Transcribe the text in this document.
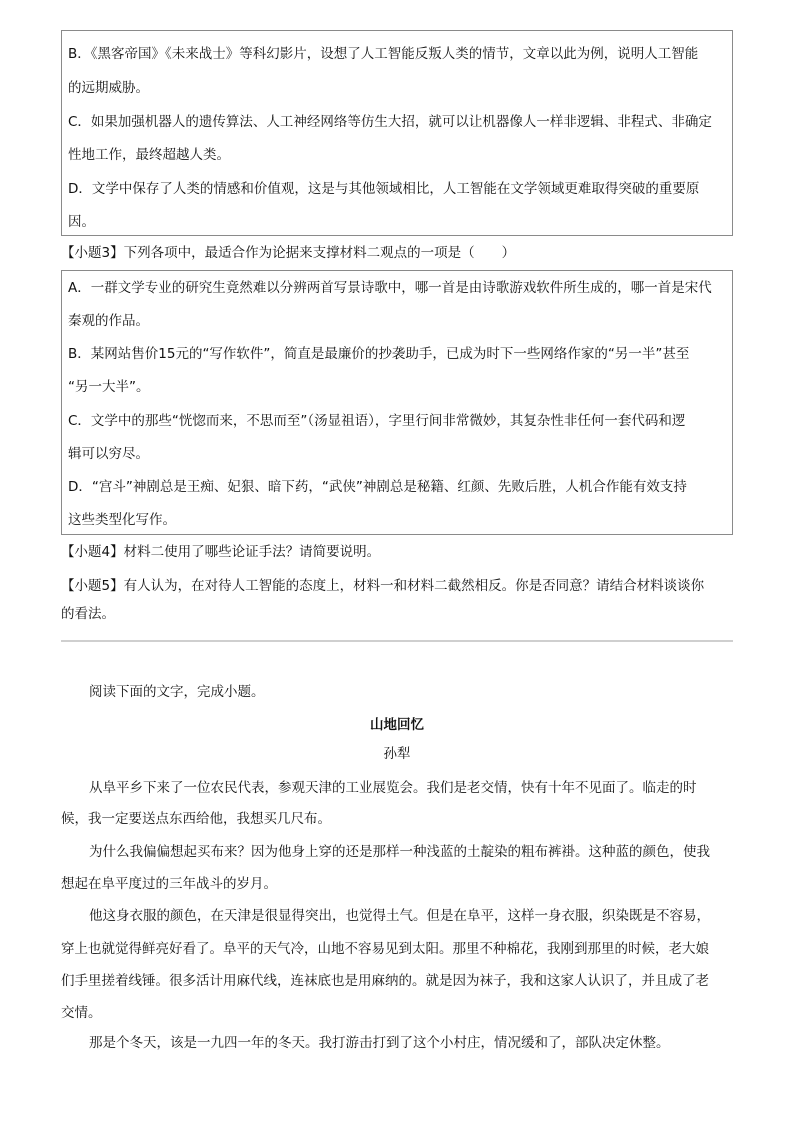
B．《黑客帝国》《未来战士》等科幻影片，设想了人工智能反叛人类的情节，文章以此为例，说明人工智能
的远期威胁。
C．如果加强机器人的遗传算法、人工神经网络等仿生大招，就可以让机器像人一样非逻辑、非程式、非确定
性地工作，最终超越人类。
D．文学中保存了人类的情感和价值观，这是与其他领域相比，人工智能在文学领域更难取得突破的重要原
因。
【小题3】下列各项中，最适合作为论据来支撑材料二观点的一项是（　　）
A．一群文学专业的研究生竟然难以分辨两首写景诗歌中，哪一首是由诗歌游戏软件所生成的，哪一首是宋代
秦观的作品。
B．某网站售价15元的“写作软件”，简直是最廉价的抄袭助手，已成为时下一些网络作家的“另一半”甚至
“另一大半”。
C．文学中的那些“恍惚而来，不思而至”（汤显祖语），字里行间非常微妙，其复杂性非任何一套代码和逻
辑可以穷尽。
D．“宫斗”神剧总是王痴、妃狠、暗下药，“武侠”神剧总是秘籍、红颜、先败后胜，人机合作能有效支持
这些类型化写作。
【小题4】材料二使用了哪些论证手法？请简要说明。
【小题5】有人认为，在对待人工智能的态度上，材料一和材料二截然相反。你是否同意？请结合材料谈谈你
的看法。
阅读下面的文字，完成小题。
山地回忆
孙犁
从阜平乡下来了一位农民代表，参观天津的工业展览会。我们是老交情，快有十年不见面了。临走的时
候，我一定要送点东西给他，我想买几尺布。
为什么我偏偏想起买布来？因为他身上穿的还是那样一种浅蓝的土靛染的粗布裤褂。这种蓝的颜色，使我
想起在阜平度过的三年战斗的岁月。
他这身衣服的颜色，在天津是很显得突出，也觉得土气。但是在阜平，这样一身衣服，织染既是不容易，
穿上也就觉得鲜亮好看了。阜平的天气冷，山地不容易见到太阳。那里不种棉花，我刚到那里的时候，老大娘
们手里搓着线锤。很多活计用麻代线，连袜底也是用麻纳的。就是因为袜子，我和这家人认识了，并且成了老
交情。
那是个冬天，该是一九四一年的冬天。我打游击打到了这个小村庄，情况缓和了，部队决定休整。
